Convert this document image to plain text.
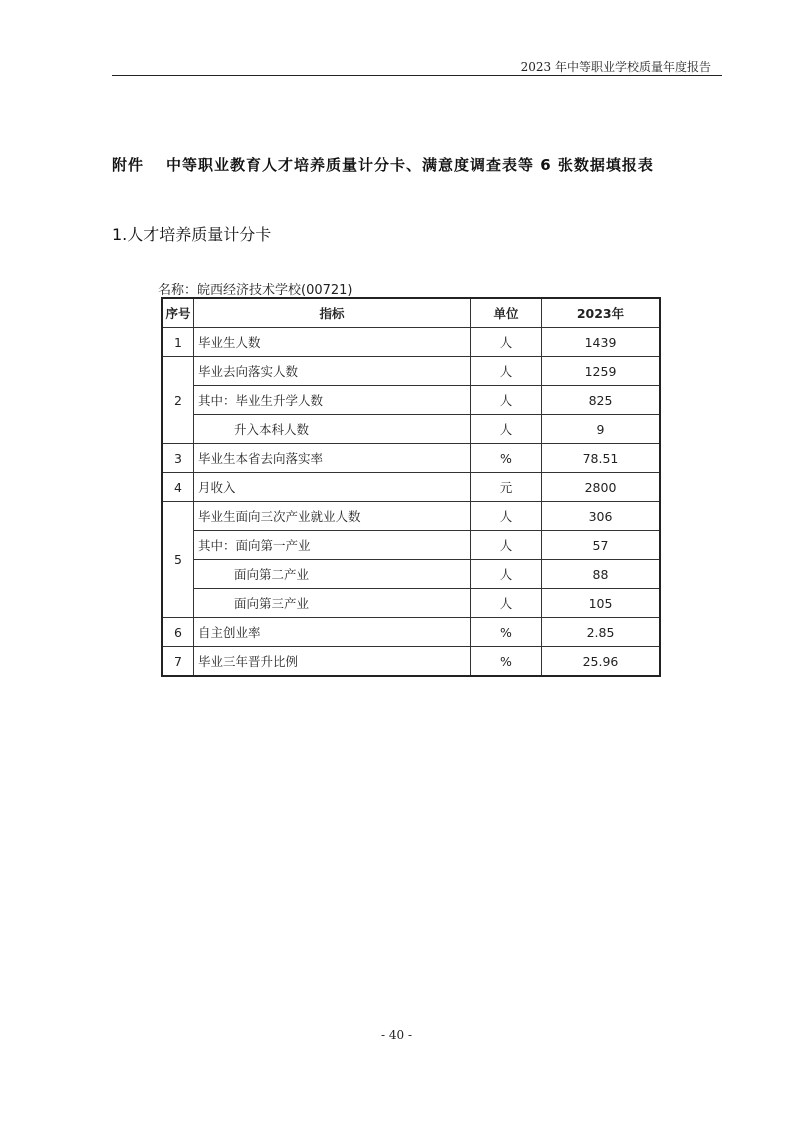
2023 年中等职业学校质量年度报告
附件 中等职业教育人才培养质量计分卡、满意度调查表等 6 张数据填报表
1.人才培养质量计分卡
名称：皖西经济技术学校(00721)
序号	指标	单位	2023年
1	毕业生人数	人	1439
2	毕业去向落实人数	人	1259
	其中：毕业生升学人数	人	825
	升入本科人数	人	9
3	毕业生本省去向落实率	%	78.51
4	月收入	元	2800
5	毕业生面向三次产业就业人数	人	306
	其中：面向第一产业	人	57
	面向第二产业	人	88
	面向第三产业	人	105
6	自主创业率	%	2.85
7	毕业三年晋升比例	%	25.96
- 40 -
